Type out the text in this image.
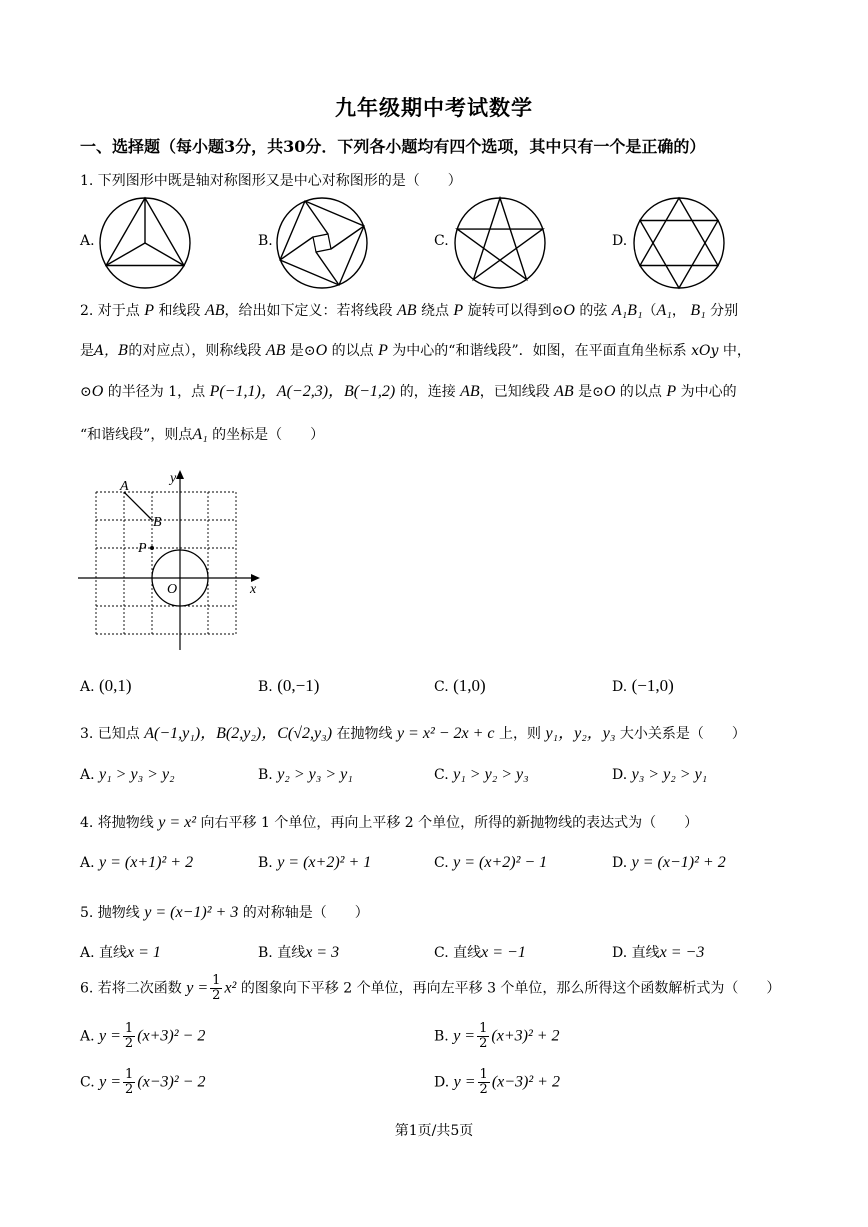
九年级期中考试数学
一、选择题（每小题3分，共30分．下列各小题均有四个选项，其中只有一个是正确的）
1. 下列图形中既是轴对称图形又是中心对称图形的是（　　）
A.	B.	C.	D.
2. 对于点 P 和线段 AB，给出如下定义：若将线段 AB 绕点 P 旋转可以得到⊙O 的弦 A₁B₁（A₁， B₁ 分别
是A，B的对应点），则称线段 AB 是⊙O 的以点 P 为中心的“和谐线段”．如图，在平面直角坐标系 xOy 中，
⊙O 的半径为 1，点 P(−1,1)，A(−2,3)，B(−1,2) 的，连接 AB，已知线段 AB 是⊙O 的以点 P 为中心的
“和谐线段”，则点A₁ 的坐标是（　　）
y
x
A
B
P
O
A. (0,1)	B. (0,−1)	C. (1,0)	D. (−1,0)
3. 已知点 A(−1,y₁)，B(2,y₂)，C(√2,y₃) 在抛物线 y = x² − 2x + c 上，则 y₁，y₂，y₃ 大小关系是（　　）
A. y₁ > y₃ > y₂	B. y₂ > y₃ > y₁	C. y₁ > y₂ > y₃	D. y₃ > y₂ > y₁
4. 将抛物线 y = x² 向右平移 1 个单位，再向上平移 2 个单位，所得的新抛物线的表达式为（　　）
A. y = (x+1)² + 2	B. y = (x+2)² + 1	C. y = (x+2)² − 1	D. y = (x−1)² + 2
5. 抛物线 y = (x−1)² + 3 的对称轴是（　　）
A. 直线x = 1	B. 直线x = 3	C. 直线x = −1	D. 直线x = −3
6. 若将二次函数 $y = \frac{1}{2} x^2$ 的图象向下平移 2 个单位，再向左平移 3 个单位，那么所得这个函数解析式为（　　）
A. $y = \frac{1}{2} (x+3)^2 - 2$	B. $y = \frac{1}{2} (x+3)^2 + 2$
C. $y = \frac{1}{2} (x-3)^2 - 2$	D. $y = \frac{1}{2} (x-3)^2 + 2$
第1页/共5页
